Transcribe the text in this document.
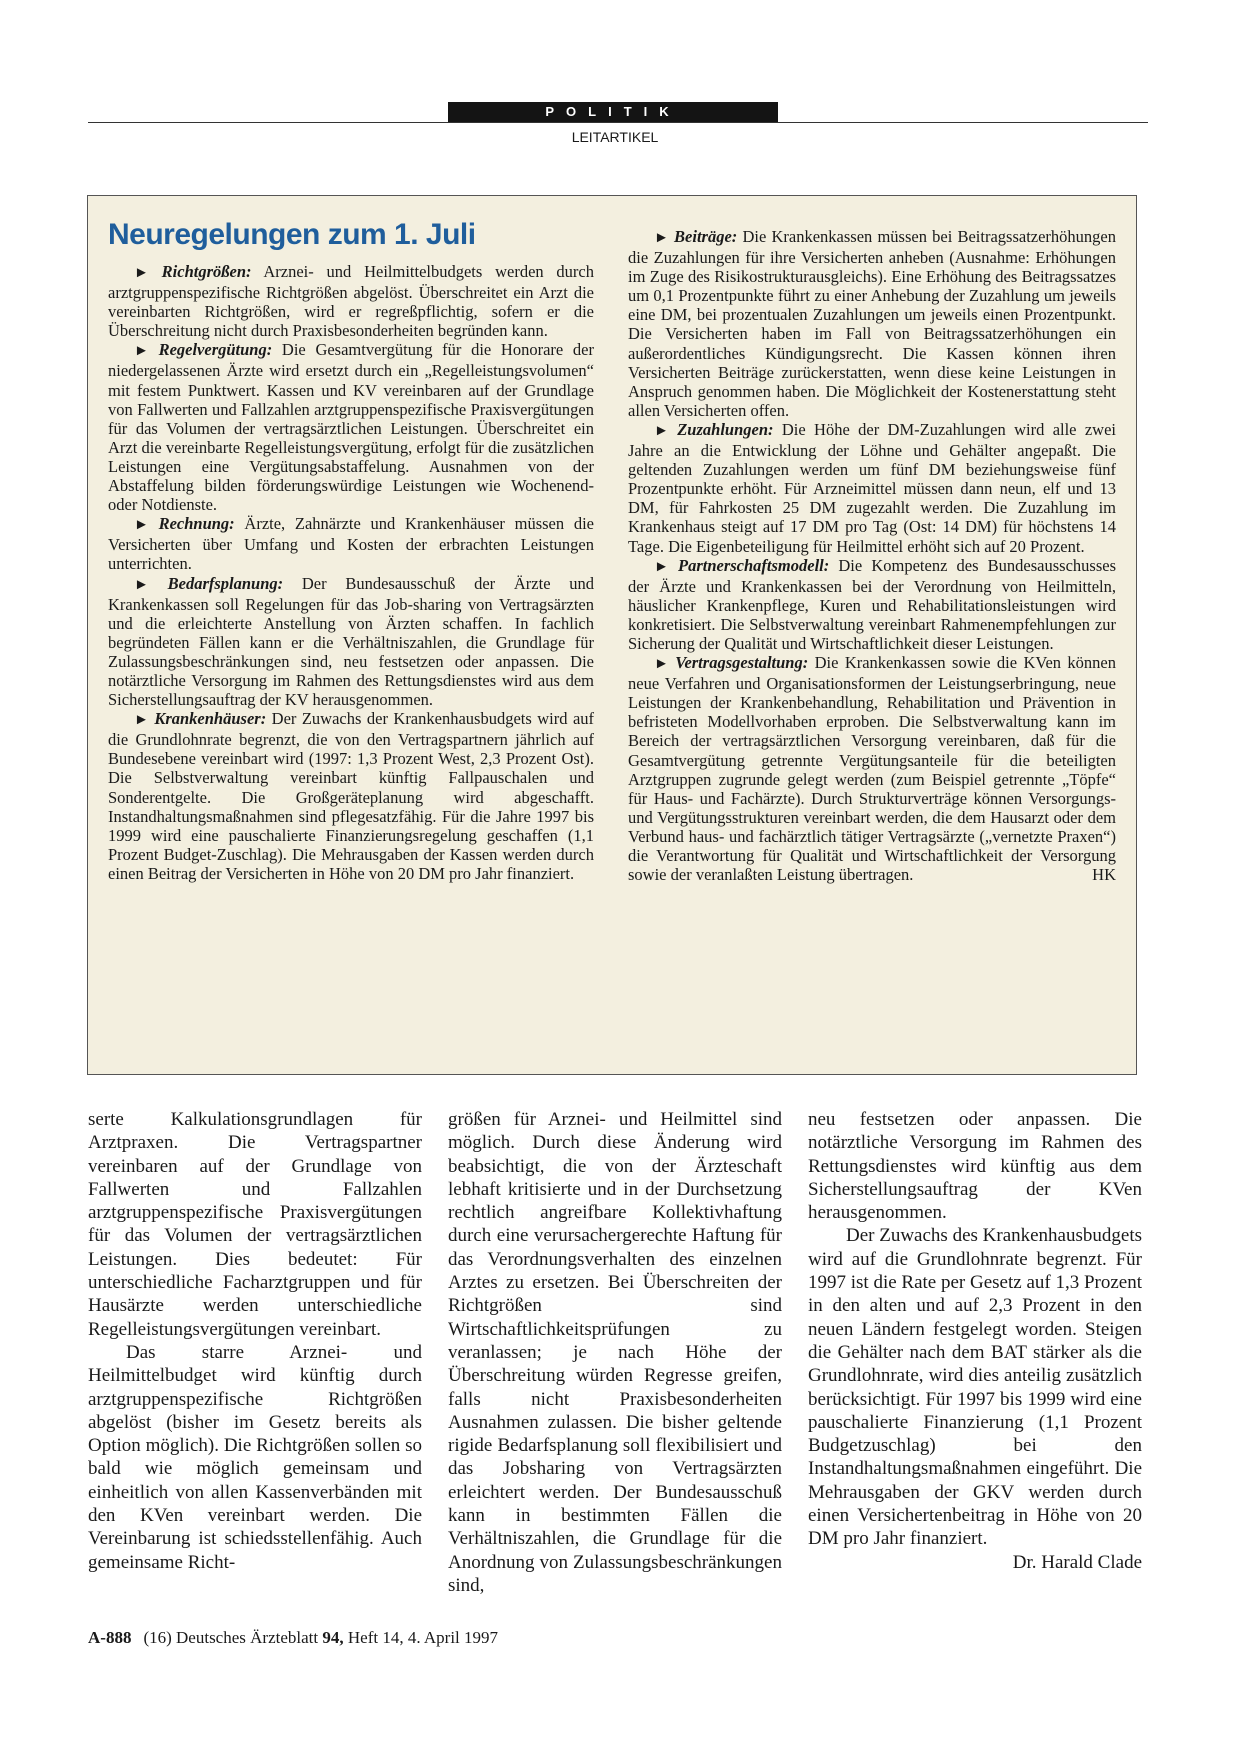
POLITIK
LEITARTIKEL
Neuregelungen zum 1. Juli

► Richtgrößen: Arznei- und Heilmittelbudgets werden durch arztgruppenspezifische Richtgrößen abgelöst. Überschreitet ein Arzt die vereinbarten Richtgrößen, wird er regreßpflichtig, sofern er die Überschreitung nicht durch Praxisbesonderheiten begründen kann.

► Regelvergütung: Die Gesamtvergütung für die Honorare der niedergelassenen Ärzte wird ersetzt durch ein „Regelleistungsvolumen“ mit festem Punktwert. Kassen und KV vereinbaren auf der Grundlage von Fallwerten und Fallzahlen arztgruppenspezifische Praxisvergütungen für das Volumen der vertragsärztlichen Leistungen. Überschreitet ein Arzt die vereinbarte Regelleistungsvergütung, erfolgt für die zusätzlichen Leistungen eine Vergütungsabstaffelung. Ausnahmen von der Abstaffelung bilden förderungswürdige Leistungen wie Wochenend- oder Notdienste.

► Rechnung: Ärzte, Zahnärzte und Krankenhäuser müssen die Versicherten über Umfang und Kosten der erbrachten Leistungen unterrichten.

► Bedarfsplanung: Der Bundesausschuß der Ärzte und Krankenkassen soll Regelungen für das Job-sharing von Vertragsärzten und die erleichterte Anstellung von Ärzten schaffen. In fachlich begründeten Fällen kann er die Verhältniszahlen, die Grundlage für Zulassungsbeschränkungen sind, neu festsetzen oder anpassen. Die notärztliche Versorgung im Rahmen des Rettungsdienstes wird aus dem Sicherstellungsauftrag der KV herausgenommen.

► Krankenhäuser: Der Zuwachs der Krankenhausbudgets wird auf die Grundlohnrate begrenzt, die von den Vertragspartnern jährlich auf Bundesebene vereinbart wird (1997: 1,3 Prozent West, 2,3 Prozent Ost). Die Selbstverwaltung vereinbart künftig Fallpauschalen und Sonderentgelte. Die Großgeräteplanung wird abgeschafft. Instandhaltungsmaßnahmen sind pflegesatzfähig. Für die Jahre 1997 bis 1999 wird eine pauschalierte Finanzierungsregelung geschaffen (1,1 Prozent Budget-Zuschlag). Die Mehrausgaben der Kassen werden durch einen Beitrag der Versicherten in Höhe von 20 DM pro Jahr finanziert.

► Beiträge: Die Krankenkassen müssen bei Beitragssatzerhöhungen die Zuzahlungen für ihre Versicherten anheben (Ausnahme: Erhöhungen im Zuge des Risikostrukturausgleichs). Eine Erhöhung des Beitragssatzes um 0,1 Prozentpunkte führt zu einer Anhebung der Zuzahlung um jeweils eine DM, bei prozentualen Zuzahlungen um jeweils einen Prozentpunkt. Die Versicherten haben im Fall von Beitragssatzerhöhungen ein außerordentliches Kündigungsrecht. Die Kassen können ihren Versicherten Beiträge zurückerstatten, wenn diese keine Leistungen in Anspruch genommen haben. Die Möglichkeit der Kostenerstattung steht allen Versicherten offen.

► Zuzahlungen: Die Höhe der DM-Zuzahlungen wird alle zwei Jahre an die Entwicklung der Löhne und Gehälter angepaßt. Die geltenden Zuzahlungen werden um fünf DM beziehungsweise fünf Prozentpunkte erhöht. Für Arzneimittel müssen dann neun, elf und 13 DM, für Fahrkosten 25 DM zugezahlt werden. Die Zuzahlung im Krankenhaus steigt auf 17 DM pro Tag (Ost: 14 DM) für höchstens 14 Tage. Die Eigenbeteiligung für Heilmittel erhöht sich auf 20 Prozent.

► Partnerschaftsmodell: Die Kompetenz des Bundesausschusses der Ärzte und Krankenkassen bei der Verordnung von Heilmitteln, häuslicher Krankenpflege, Kuren und Rehabilitationsleistungen wird konkretisiert. Die Selbstverwaltung vereinbart Rahmenempfehlungen zur Sicherung der Qualität und Wirtschaftlichkeit dieser Leistungen.

► Vertragsgestaltung: Die Krankenkassen sowie die KVen können neue Verfahren und Organisationsformen der Leistungserbringung, neue Leistungen der Krankenbehandlung, Rehabilitation und Prävention in befristeten Modellvorhaben erproben. Die Selbstverwaltung kann im Bereich der vertragsärztlichen Versorgung vereinbaren, daß für die Gesamtvergütung getrennte Vergütungsanteile für die beteiligten Arztgruppen zugrunde gelegt werden (zum Beispiel getrennte „Töpfe“ für Haus- und Fachärzte). Durch Strukturverträge können Versorgungs- und Vergütungsstrukturen vereinbart werden, die dem Hausarzt oder dem Verbund haus- und fachärztlich tätiger Vertragsärzte („vernetzte Praxen“) die Verantwortung für Qualität und Wirtschaftlichkeit der Versorgung sowie der veranlaßten Leistung übertragen.	HK

serte Kalkulationsgrundlagen für Arztpraxen. Die Vertragspartner vereinbaren auf der Grundlage von Fallwerten und Fallzahlen arztgruppenspezifische Praxisvergütungen für das Volumen der vertragsärztlichen Leistungen. Dies bedeutet: Für unterschiedliche Facharztgruppen und für Hausärzte werden unterschiedliche Regelleistungsvergütungen vereinbart.

Das starre Arznei- und Heilmittelbudget wird künftig durch arztgruppenspezifische Richtgrößen abgelöst (bisher im Gesetz bereits als Option möglich). Die Richtgrößen sollen so bald wie möglich gemeinsam und einheitlich von allen Kassenverbänden mit den KVen vereinbart werden. Die Vereinbarung ist schiedsstellenfähig. Auch gemeinsame Richt-

größen für Arznei- und Heilmittel sind möglich. Durch diese Änderung wird beabsichtigt, die von der Ärzteschaft lebhaft kritisierte und in der Durchsetzung rechtlich angreifbare Kollektivhaftung durch eine verursachergerechte Haftung für das Verordnungsverhalten des einzelnen Arztes zu ersetzen. Bei Überschreiten der Richtgrößen sind Wirtschaftlichkeitsprüfungen zu veranlassen; je nach Höhe der Überschreitung würden Regresse greifen, falls nicht Praxisbesonderheiten Ausnahmen zulassen. Die bisher geltende rigide Bedarfsplanung soll flexibilisiert und das Jobsharing von Vertragsärzten erleichtert werden. Der Bundesausschuß kann in bestimmten Fällen die Verhältniszahlen, die Grundlage für die Anordnung von Zulassungsbeschränkungen sind,

neu festsetzen oder anpassen. Die notärztliche Versorgung im Rahmen des Rettungsdienstes wird künftig aus dem Sicherstellungsauftrag der KVen herausgenommen.

Der Zuwachs des Krankenhausbudgets wird auf die Grundlohnrate begrenzt. Für 1997 ist die Rate per Gesetz auf 1,3 Prozent in den alten und auf 2,3 Prozent in den neuen Ländern festgelegt worden. Steigen die Gehälter nach dem BAT stärker als die Grundlohnrate, wird dies anteilig zusätzlich berücksichtigt. Für 1997 bis 1999 wird eine pauschalierte Finanzierung (1,1 Prozent Budgetzuschlag) bei den Instandhaltungsmaßnahmen eingeführt. Die Mehrausgaben der GKV werden durch einen Versichertenbeitrag in Höhe von 20 DM pro Jahr finanziert.
Dr. Harald Clade

A-888 (16) Deutsches Ärzteblatt 94, Heft 14, 4. April 1997
